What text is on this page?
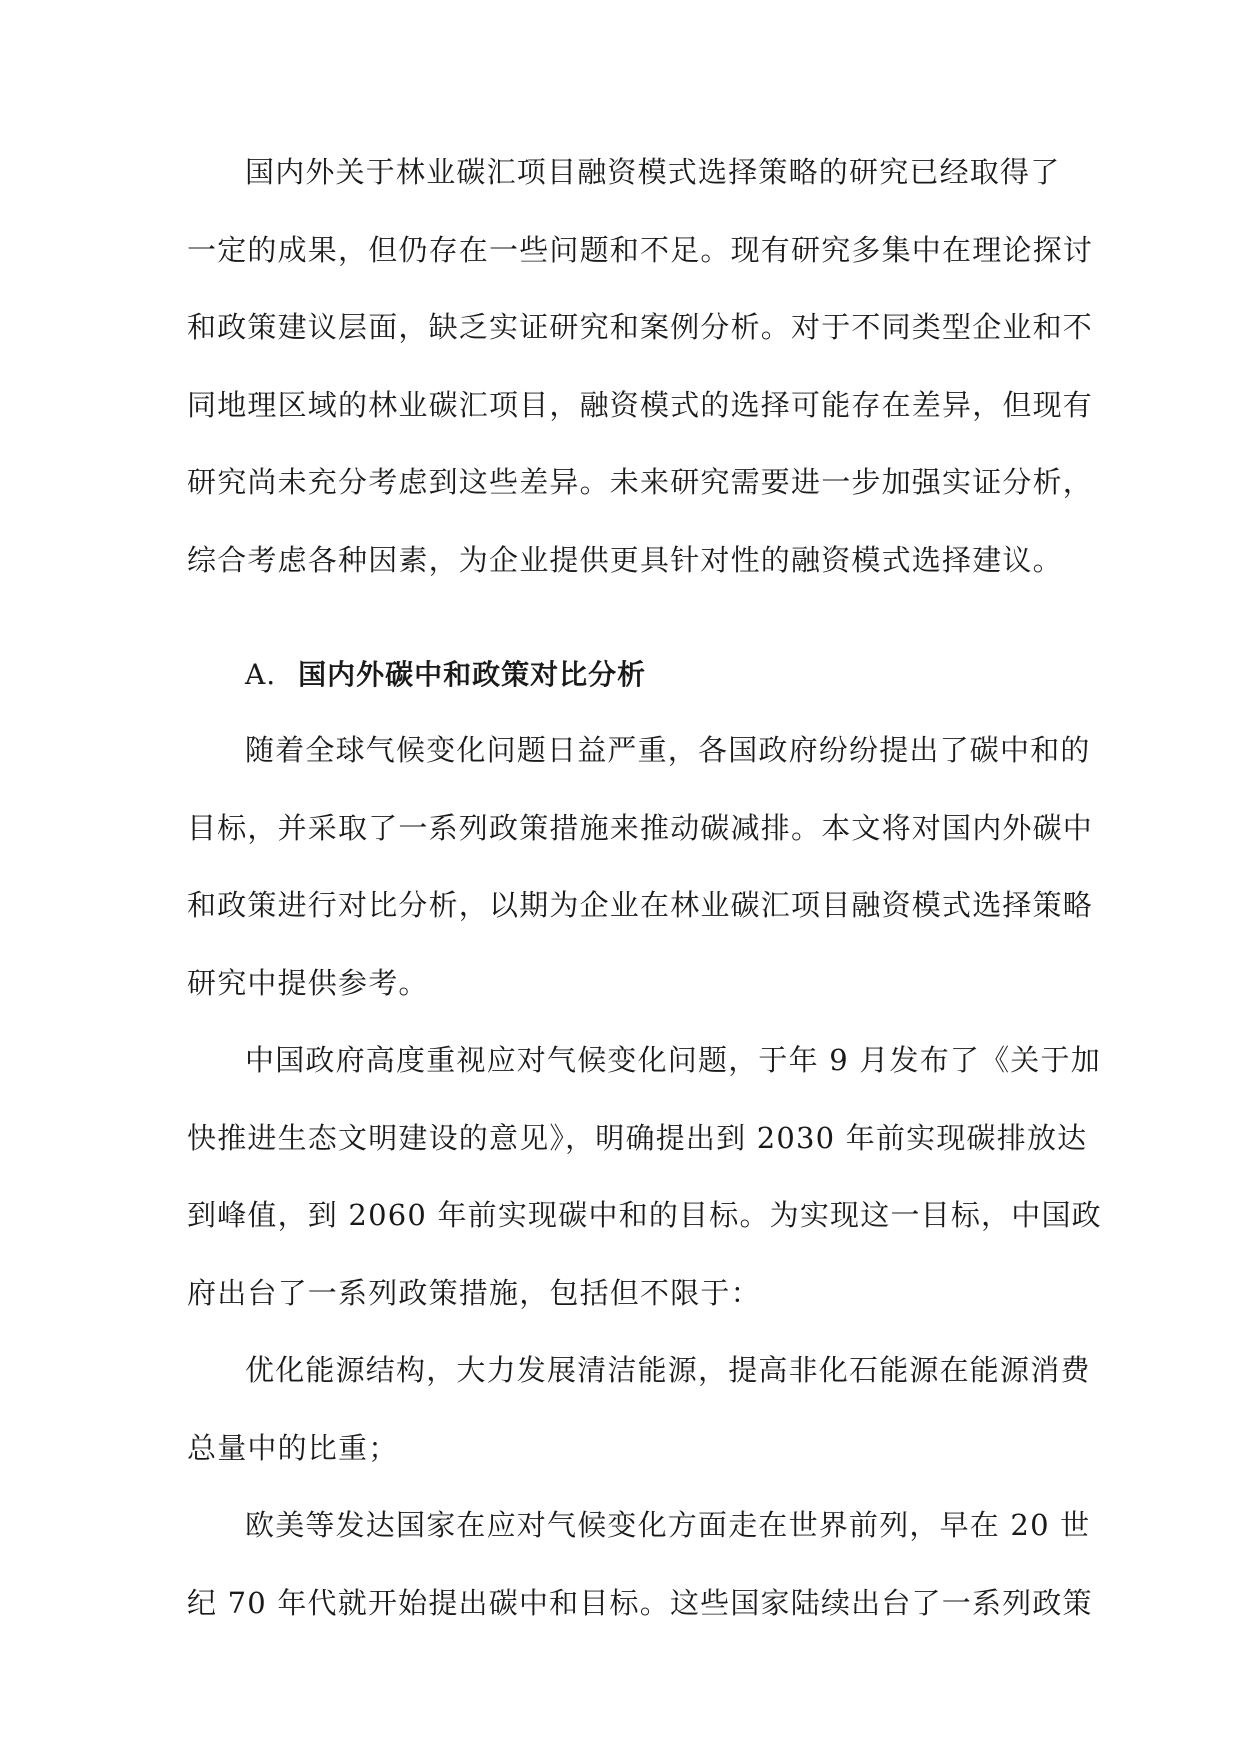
国内外关于林业碳汇项目融资模式选择策略的研究已经取得了
一定的成果，但仍存在一些问题和不足。现有研究多集中在理论探讨
和政策建议层面，缺乏实证研究和案例分析。对于不同类型企业和不
同地理区域的林业碳汇项目，融资模式的选择可能存在差异，但现有
研究尚未充分考虑到这些差异。未来研究需要进一步加强实证分析，
综合考虑各种因素，为企业提供更具针对性的融资模式选择建议。
A. 国内外碳中和政策对比分析
随着全球气候变化问题日益严重，各国政府纷纷提出了碳中和的
目标，并采取了一系列政策措施来推动碳减排。本文将对国内外碳中
和政策进行对比分析，以期为企业在林业碳汇项目融资模式选择策略
研究中提供参考。
中国政府高度重视应对气候变化问题，于年 9 月发布了《关于加
快推进生态文明建设的意见》，明确提出到 2030 年前实现碳排放达
到峰值，到 2060 年前实现碳中和的目标。为实现这一目标，中国政
府出台了一系列政策措施，包括但不限于：
优化能源结构，大力发展清洁能源，提高非化石能源在能源消费
总量中的比重；
欧美等发达国家在应对气候变化方面走在世界前列，早在 20 世
纪 70 年代就开始提出碳中和目标。这些国家陆续出台了一系列政策
